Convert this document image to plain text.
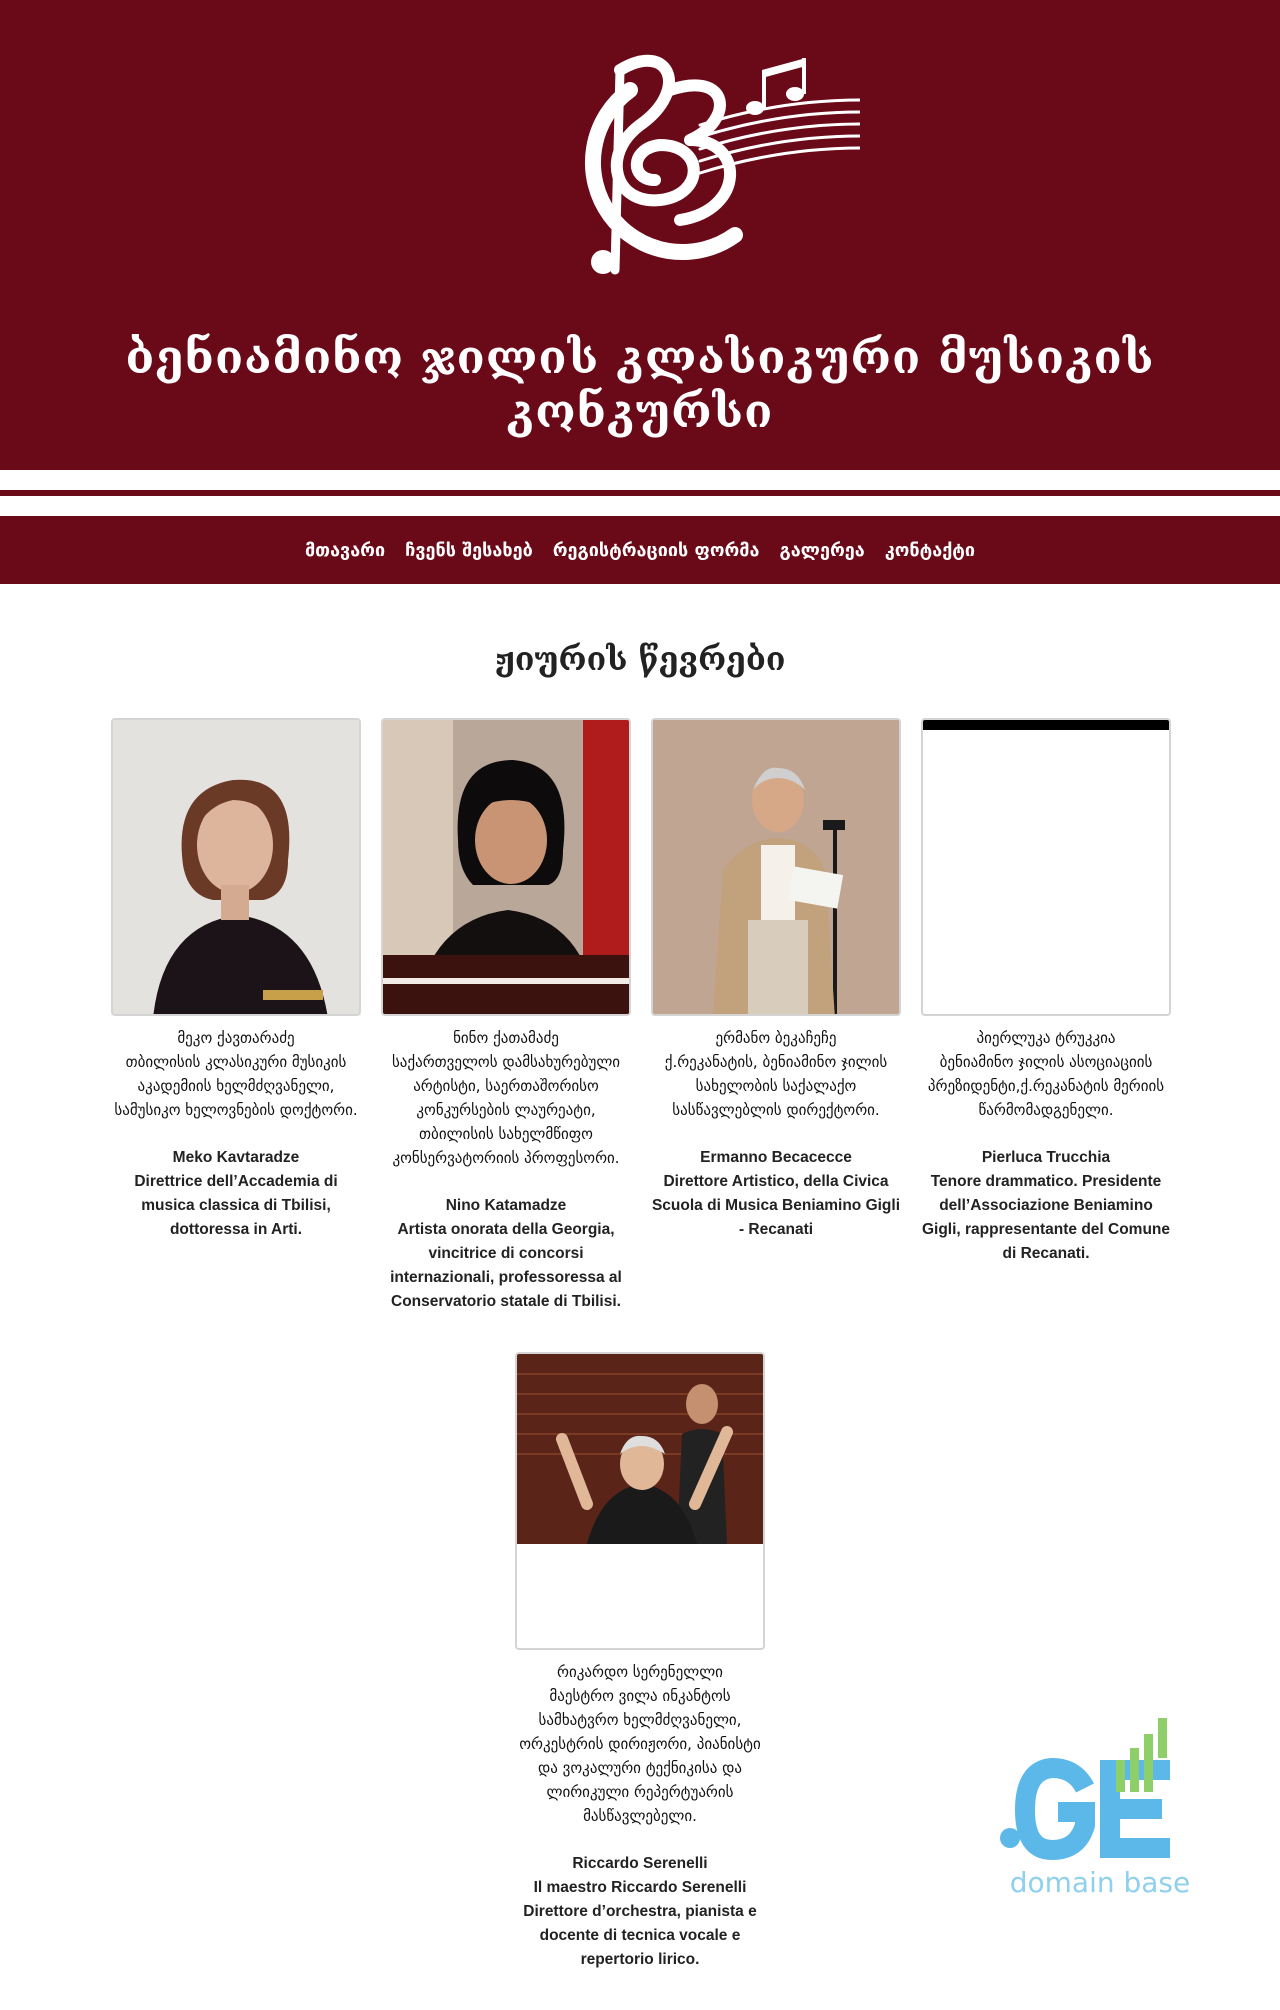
ბენიამინო ჯილის კლასიკური მუსიკის კონკურსი
მთავარი ჩვენს შესახებ რეგისტრაციის ფორმა გალერეა კონტაქტი
ჟიურის წევრები

მეკო ქავთარაძე
თბილისის კლასიკური მუსიკის აკადემიის ხელმძღვანელი, სამუსიკო ხელოვნების დოქტორი.

Meko Kavtaradze
Direttrice dell’Accademia di musica classica di Tbilisi, dottoressa in Arti.

ნინო ქათამაძე
საქართველოს დამსახურებული არტისტი, საერთაშორისო კონკურსების ლაურეატი, თბილისის სახელმწიფო კონსერვატორიის პროფესორი.

Nino Katamadze
Artista onorata della Georgia, vincitrice di concorsi internazionali, professoressa al Conservatorio statale di Tbilisi.

ერმანო ბეკაჩეჩე
ქ.რეკანატის, ბენიამინო ჯილის სახელობის საქალაქო სასწავლებლის დირექტორი.

Ermanno Becacecce
Direttore Artistico, della Civica Scuola di Musica Beniamino Gigli - Recanati

პიერლუკა ტრუკკია
ბენიამინო ჯილის ასოციაციის პრეზიდენტი,ქ.რეკანატის მერიის წარმომადგენელი.

Pierluca Trucchia
Tenore drammatico. Presidente dell’Associazione Beniamino Gigli, rappresentante del Comune di Recanati.

რიკარდო სერენელლი
მაესტრო ვილა ინკანტოს სამხატვრო ხელმძღვანელი, ორკესტრის დირიჟორი, პიანისტი და ვოკალური ტექნიკისა და ლირიკული რეპერტუარის მასწავლებელი.

Riccardo Serenelli
Il maestro Riccardo Serenelli Direttore d’orchestra, pianista e docente di tecnica vocale e repertorio lirico.

domain base
